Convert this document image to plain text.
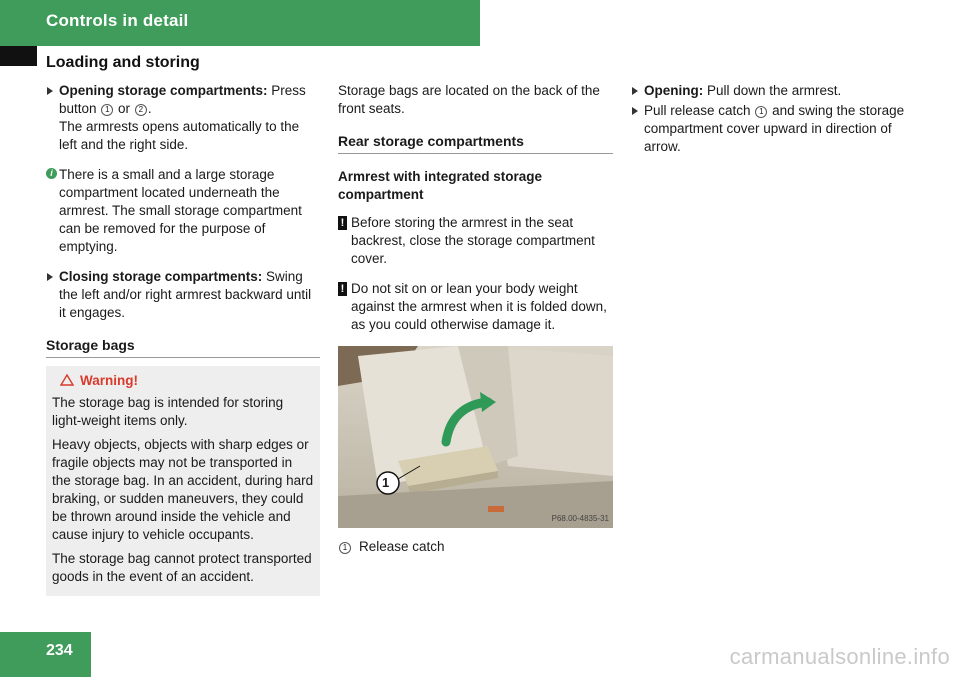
Controls in detail
Loading and storing
Opening storage compartments: Press button 1 or 2 .
The armrests opens automatically to the left and the right side.
i There is a small and a large storage compartment located underneath the armrest. The small storage compartment can be removed for the purpose of emptying.
Closing storage compartments: Swing the left and/or right armrest backward until it engages.
Storage bags
Warning!

The storage bag is intended for storing light-weight items only.

Heavy objects, objects with sharp edges or fragile objects may not be transported in the storage bag. In an accident, during hard braking, or sudden maneuvers, they could be thrown around inside the vehicle and cause injury to vehicle occupants.

The storage bag cannot protect transported goods in the event of an accident.

Storage bags are located on the back of the front seats.

Rear storage compartments
Armrest with integrated storage compartment
! Before storing the armrest in the seat backrest, close the storage compartment cover.
! Do not sit on or lean your body weight against the armrest when it is folded down, as you could otherwise damage it.
1
P68.00-4835-31
1 Release catch
Opening: Pull down the armrest.
Pull release catch 1 and swing the storage compartment cover upward in direction of arrow.
234	carmanualsonline.info
